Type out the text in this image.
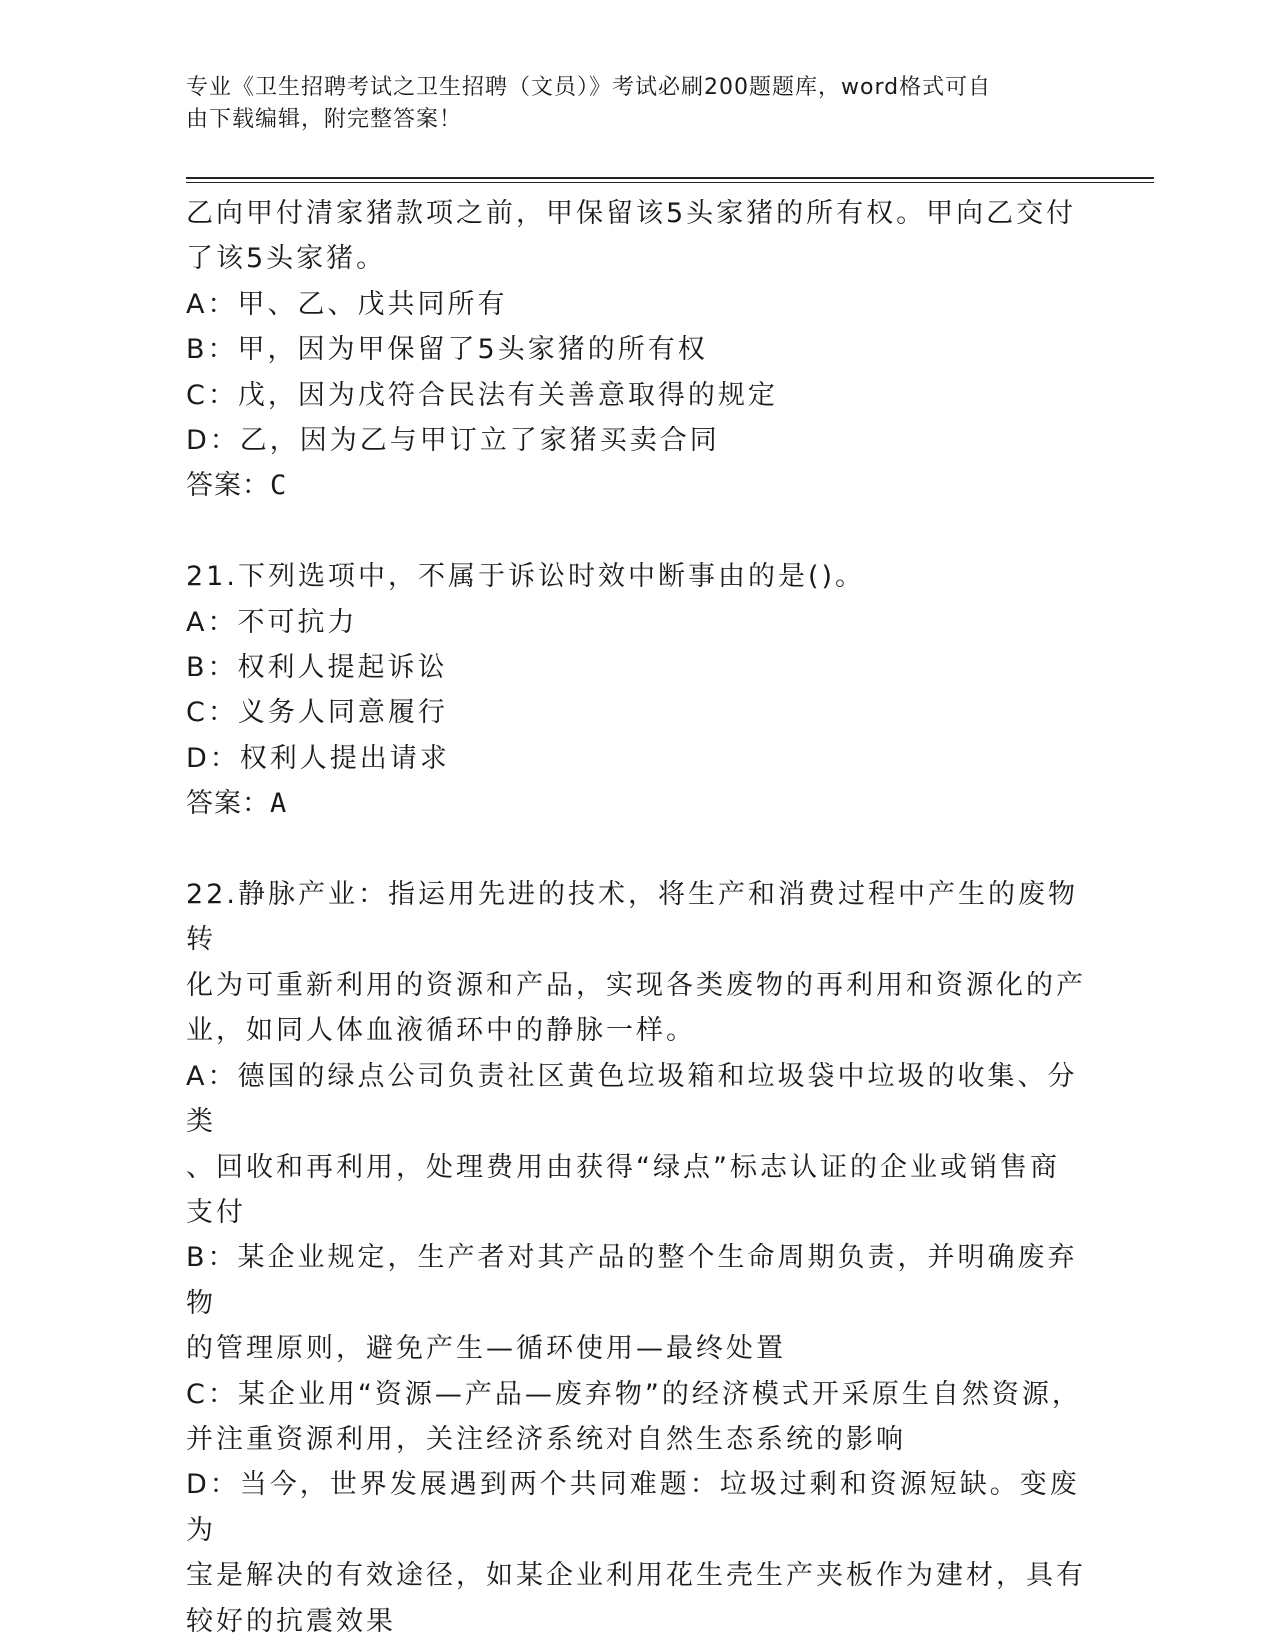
专业《卫生招聘考试之卫生招聘（文员）》考试必刷200题题库，word格式可自
由下载编辑，附完整答案！

乙向甲付清家猪款项之前，甲保留该5头家猪的所有权。甲向乙交付

了该5头家猪。

A：甲、乙、戊共同所有

B：甲，因为甲保留了5头家猪的所有权

C：戊，因为戊符合民法有关善意取得的规定

D：乙，因为乙与甲订立了家猪买卖合同

答案：C

21.下列选项中，不属于诉讼时效中断事由的是()。

A：不可抗力

B：权利人提起诉讼

C：义务人同意履行

D：权利人提出请求

答案：A

22.静脉产业：指运用先进的技术，将生产和消费过程中产生的废物转

化为可重新利用的资源和产品，实现各类废物的再利用和资源化的产

业，如同人体血液循环中的静脉一样。

A：德国的绿点公司负责社区黄色垃圾箱和垃圾袋中垃圾的收集、分类

、回收和再利用，处理费用由获得“绿点”标志认证的企业或销售商

支付

B：某企业规定，生产者对其产品的整个生命周期负责，并明确废弃物

的管理原则，避免产生—循环使用—最终处置

C：某企业用“资源—产品—废弃物”的经济模式开采原生自然资源，

并注重资源利用，关注经济系统对自然生态系统的影响

D：当今，世界发展遇到两个共同难题：垃圾过剩和资源短缺。变废为

宝是解决的有效途径，如某企业利用花生壳生产夹板作为建材，具有

较好的抗震效果
